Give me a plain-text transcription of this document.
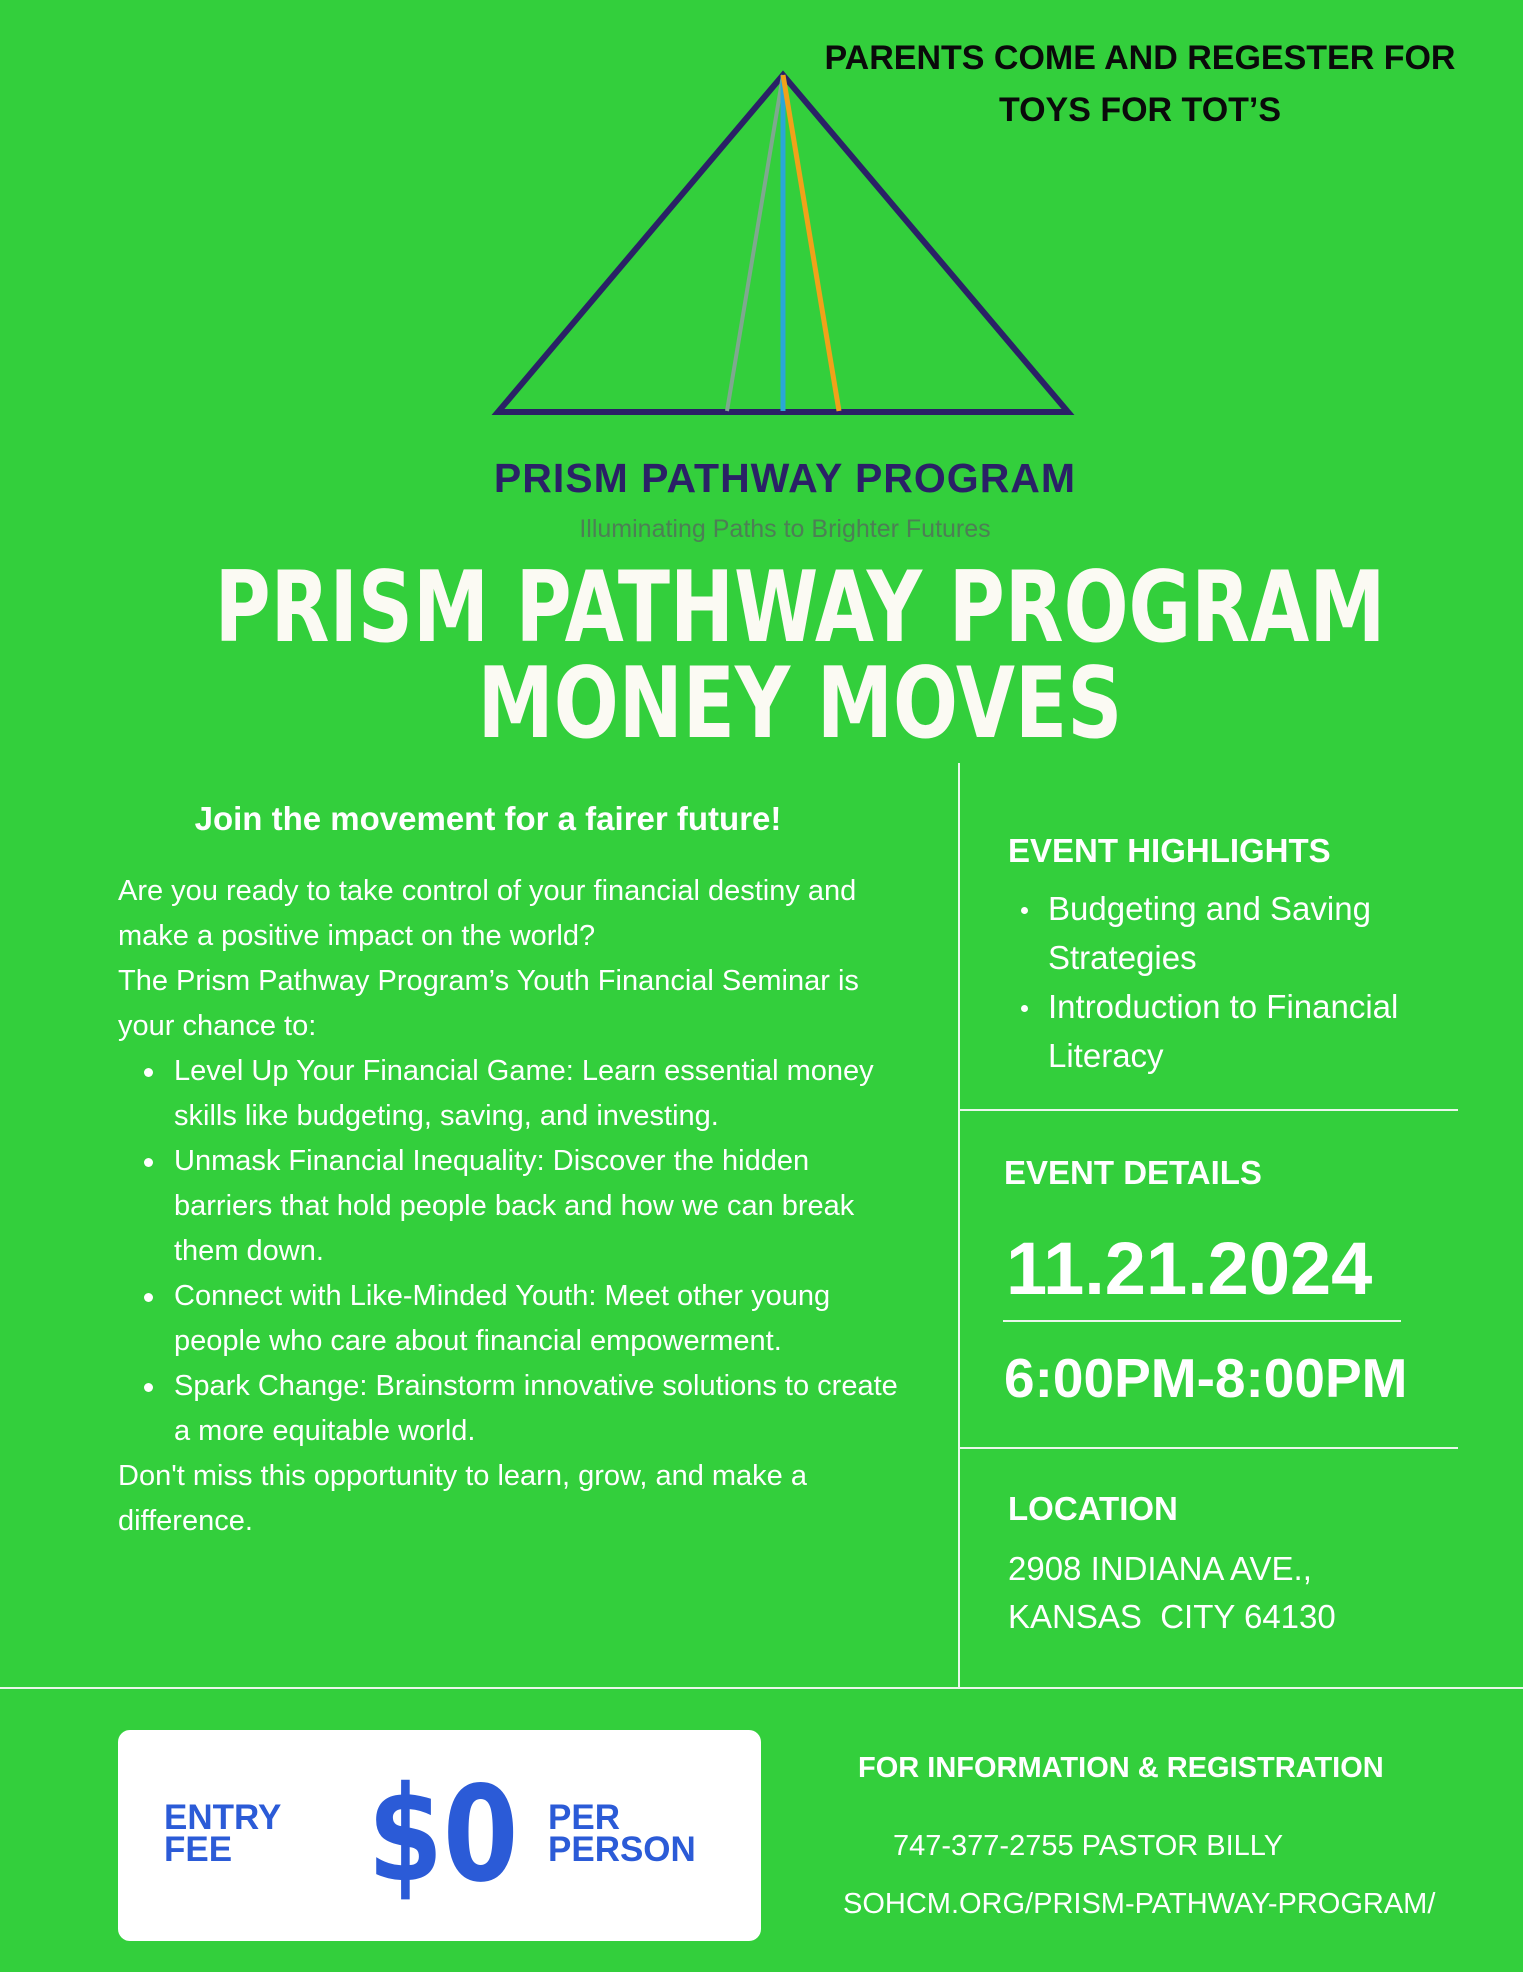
PARENTS COME AND REGESTER FOR
TOYS FOR TOT’S
PRISM PATHWAY PROGRAM
Illuminating Paths to Brighter Futures
PRISM PATHWAY PROGRAM
MONEY MOVES
Join the movement for a fairer future!

Are you ready to take control of your financial destiny and make a positive impact on the world?

The Prism Pathway Program’s Youth Financial Seminar is your chance to:

Level Up Your Financial Game: Learn essential money skills like budgeting, saving, and investing.
Unmask Financial Inequality: Discover the hidden barriers that hold people back and how we can break them down.
Connect with Like-Minded Youth: Meet other young people who care about financial empowerment.
Spark Change: Brainstorm innovative solutions to create a more equitable world.

Don't miss this opportunity to learn, grow, and make a difference.

EVENT HIGHLIGHTS
Budgeting and Saving Strategies
Introduction to Financial Literacy
EVENT DETAILS
11.21.2024
6:00PM-8:00PM
LOCATION
2908 INDIANA AVE.,
KANSAS  CITY 64130
ENTRY
FEE	$0 PER
PERSON
FOR INFORMATION & REGISTRATION
747-377-2755 PASTOR BILLY
SOHCM.ORG/PRISM-PATHWAY-PROGRAM/
